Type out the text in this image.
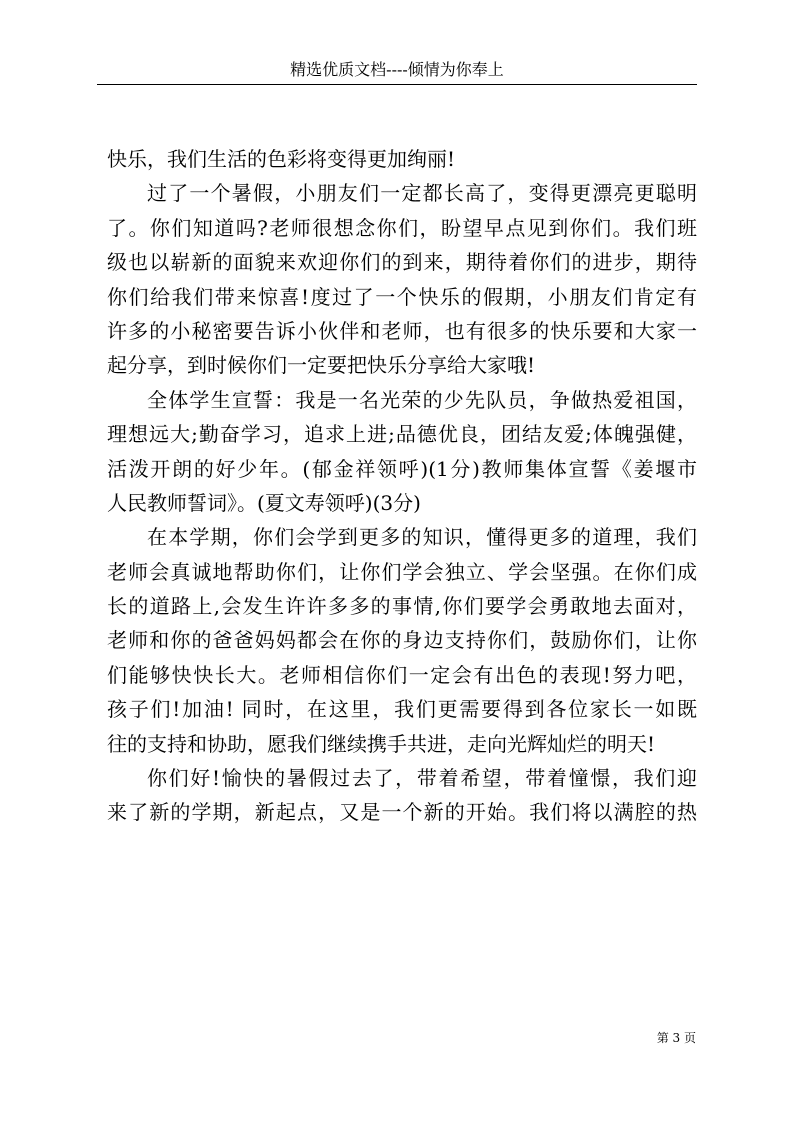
精选优质文档----倾情为你奉上
快乐，我们生活的色彩将变得更加绚丽!
过了一个暑假，小朋友们一定都长高了，变得更漂亮更聪明
了。你们知道吗?老师很想念你们，盼望早点见到你们。我们班
级也以崭新的面貌来欢迎你们的到来，期待着你们的进步，期待
你们给我们带来惊喜!度过了一个快乐的假期，小朋友们肯定有
许多的小秘密要告诉小伙伴和老师，也有很多的快乐要和大家一
起分享，到时候你们一定要把快乐分享给大家哦!
全体学生宣誓：我是一名光荣的少先队员，争做热爱祖国，
理想远大;勤奋学习，追求上进;品德优良，团结友爱;体魄强健，
活泼开朗的好少年。(郁金祥领呼)(1分)教师集体宣誓《姜堰市
人民教师誓词》。(夏文寿领呼)(3分)
在本学期，你们会学到更多的知识，懂得更多的道理，我们
老师会真诚地帮助你们，让你们学会独立、学会坚强。在你们成
长的道路上,会发生许许多多的事情,你们要学会勇敢地去面对，
老师和你的爸爸妈妈都会在你的身边支持你们，鼓励你们，让你
们能够快快长大。老师相信你们一定会有出色的表现!努力吧，
孩子们!加油! 同时，在这里，我们更需要得到各位家长一如既
往的支持和协助，愿我们继续携手共进，走向光辉灿烂的明天!
你们好!愉快的暑假过去了，带着希望，带着憧憬，我们迎
来了新的学期，新起点，又是一个新的开始。我们将以满腔的热
第 3 页
